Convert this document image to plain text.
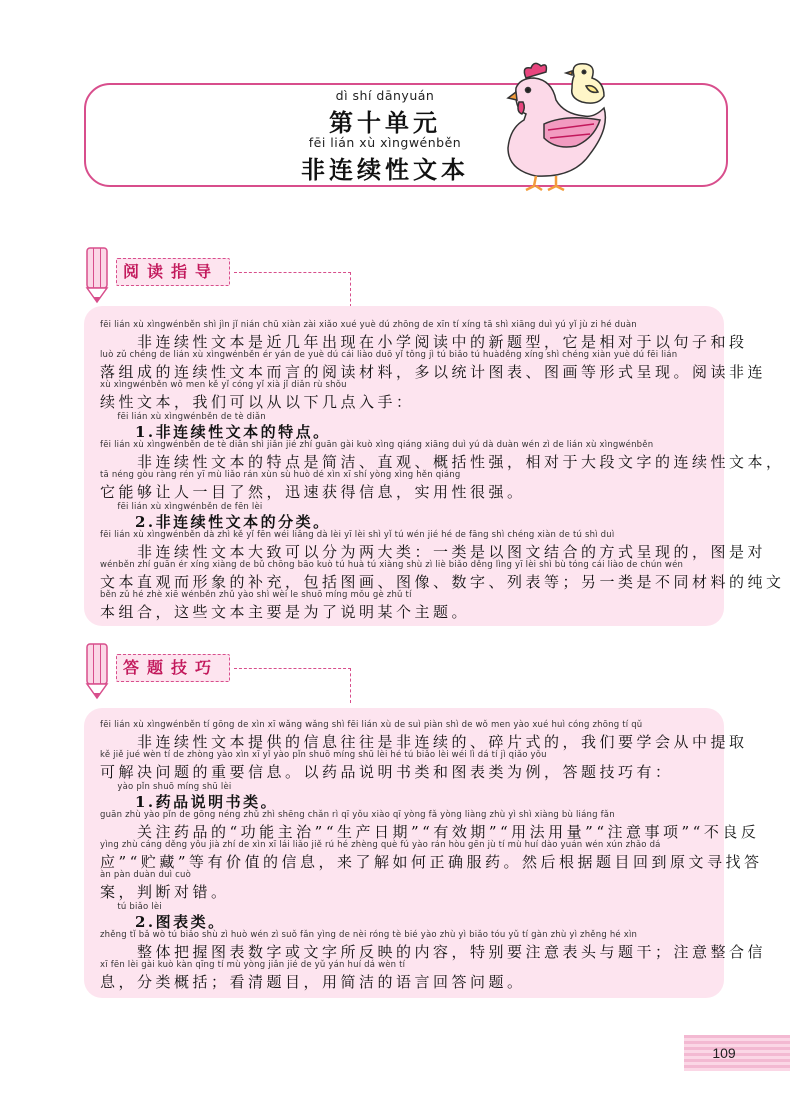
dì shí dānyuán
第十单元
fēi lián xù xìngwénběn
非连续性文本
阅读指导
fēi lián xù xìngwénběn shì jìn jǐ nián chū xiàn zài xiǎo xué yuè dú zhōng de xīn tí xíng tā shì xiāng duì yú yǐ jù zi hé duàn
　　非连续性文本是近几年出现在小学阅读中的新题型，它是相对于以句子和段
luò zǔ chéng de lián xù xìngwénběn ér yán de yuè dú cái liào duō yǐ tǒng jì tú biǎo tú huàděng xíng shì chéng xiàn yuè dú fēi lián
落组成的连续性文本而言的阅读材料，多以统计图表、图画等形式呈现。阅读非连
xù xìngwénběn wǒ men kě yǐ cóng yǐ xià jǐ diǎn rù shǒu
续性文本，我们可以从以下几点入手：
　　fēi lián xù xìngwénběn de tè diǎn
　　1.非连续性文本的特点。
fēi lián xù xìngwénběn de tè diǎn shì jiǎn jié zhí guān gài kuò xìng qiáng xiāng duì yú dà duàn wén zì de lián xù xìngwénběn
　　非连续性文本的特点是简洁、直观、概括性强，相对于大段文字的连续性文本，
tā néng gòu ràng rén yī mù liǎo rán xùn sù huò dé xìn xī shí yòng xìng hěn qiáng
它能够让人一目了然，迅速获得信息，实用性很强。
　　fēi lián xù xìngwénběn de fēn lèi
　　2.非连续性文本的分类。
fēi lián xù xìngwénběn dà zhì kě yǐ fēn wéi liǎng dà lèi yī lèi shì yǐ tú wén jié hé de fāng shì chéng xiàn de tú shì duì
　　非连续性文本大致可以分为两大类：一类是以图文结合的方式呈现的，图是对
wénběn zhí guān ér xíng xiàng de bǔ chōng bāo kuò tú huà tú xiàng shù zì liè biǎo děng lìng yī lèi shì bù tóng cái liào de chún wén
文本直观而形象的补充，包括图画、图像、数字、列表等；另一类是不同材料的纯文
běn zǔ hé zhè xiē wénběn zhǔ yào shì wèi le shuō míng mǒu gè zhǔ tí
本组合，这些文本主要是为了说明某个主题。
答题技巧
fēi lián xù xìngwénběn tí gōng de xìn xī wǎng wǎng shì fēi lián xù de suì piàn shì de wǒ men yào xué huì cóng zhōng tí qǔ
　　非连续性文本提供的信息往往是非连续的、碎片式的，我们要学会从中提取
kě jiě jué wèn tí de zhòng yào xìn xī yǐ yào pǐn shuō míng shū lèi hé tú biǎo lèi wéi lì dá tí jì qiǎo yǒu
可解决问题的重要信息。以药品说明书类和图表类为例，答题技巧有：
　　yào pǐn shuō míng shū lèi
　　1.药品说明书类。
guān zhù yào pǐn de gōng néng zhǔ zhì shēng chǎn rì qī yǒu xiào qī yòng fǎ yòng liàng zhù yì shì xiàng bù liáng fǎn
　　关注药品的“功能主治”“生产日期”“有效期”“用法用量”“注意事项”“不良反
yìng zhù cáng děng yǒu jià zhí de xìn xī lái liǎo jiě rú hé zhèng què fú yào rán hòu gēn jù tí mù huí dào yuán wén xún zhǎo dá
应”“贮藏”等有价值的信息，来了解如何正确服药。然后根据题目回到原文寻找答
àn pàn duàn duì cuò
案，判断对错。
　　tú biǎo lèi
　　2.图表类。
zhěng tǐ bǎ wò tú biǎo shù zì huò wén zì suǒ fǎn yìng de nèi róng tè bié yào zhù yì biǎo tóu yǔ tí gàn zhù yì zhěng hé xìn
　　整体把握图表数字或文字所反映的内容，特别要注意表头与题干；注意整合信
xī fēn lèi gài kuò kàn qīng tí mù yòng jiǎn jié de yǔ yán huí dá wèn tí
息，分类概括；看清题目，用简洁的语言回答问题。
109
